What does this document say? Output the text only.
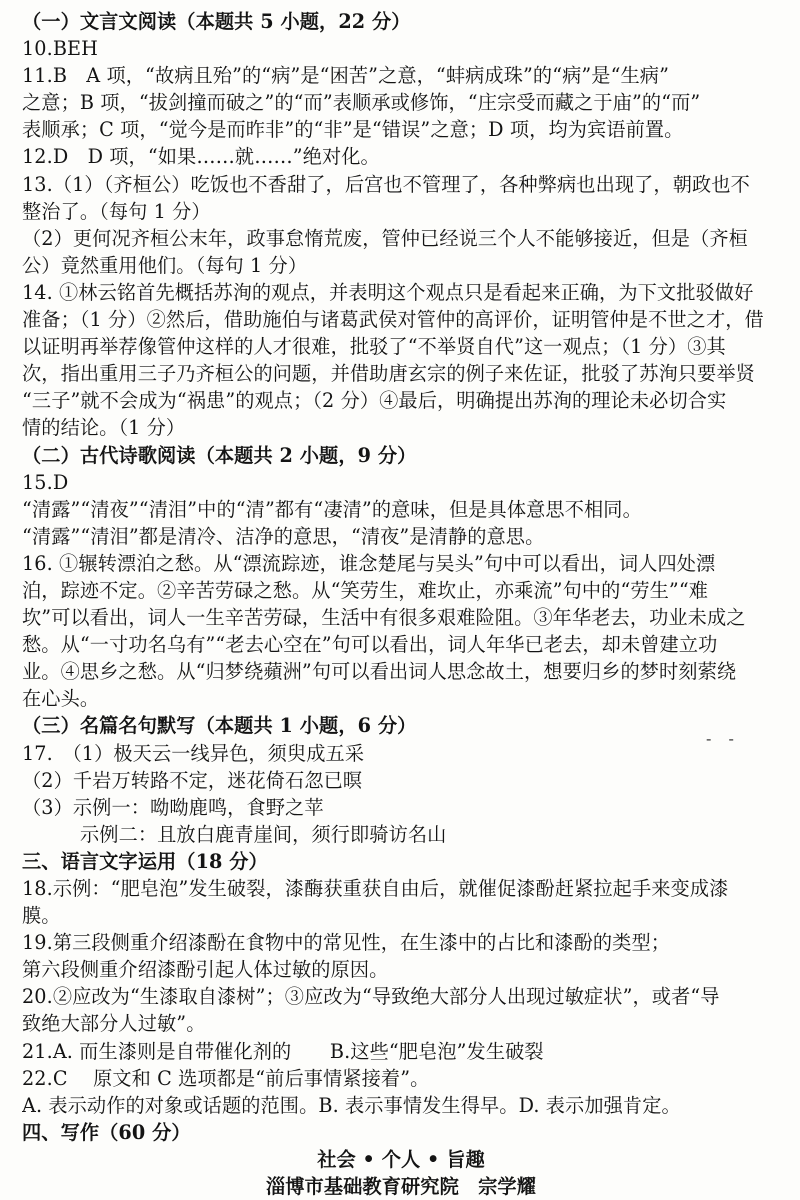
（一）文言文阅读（本题共 5 小题，22 分）
10.BEH
11.B　A 项，“故病且殆”的“病”是“困苦”之意，“蚌病成珠”的“病”是“生病”
之意；B 项，“拔剑撞而破之”的“而”表顺承或修饰，“庄宗受而藏之于庙”的“而”
表顺承；C 项，“觉今是而昨非”的“非”是“错误”之意；D 项，均为宾语前置。
12.D　D 项，“如果……就……”绝对化。
13.（1）（齐桓公）吃饭也不香甜了，后宫也不管理了，各种弊病也出现了，朝政也不
整治了。（每句 1 分）
（2）更何况齐桓公末年，政事怠惰荒废，管仲已经说三个人不能够接近，但是（齐桓
公）竟然重用他们。（每句 1 分）
14. ①林云铭首先概括苏洵的观点，并表明这个观点只是看起来正确，为下文批驳做好
准备；（1 分）②然后，借助施伯与诸葛武侯对管仲的高评价，证明管仲是不世之才，借
以证明再举荐像管仲这样的人才很难，批驳了“不举贤自代”这一观点；（1 分）③其
次，指出重用三子乃齐桓公的问题，并借助唐玄宗的例子来佐证，批驳了苏洵只要举贤
“三子”就不会成为“祸患”的观点；（2 分）④最后，明确提出苏洵的理论未必切合实
情的结论。（1 分）
（二）古代诗歌阅读（本题共 2 小题，9 分）
15.D
“清露”“清夜”“清泪”中的“清”都有“凄清”的意味，但是具体意思不相同。
“清露”“清泪”都是清冷、洁净的意思，“清夜”是清静的意思。
16. ①辗转漂泊之愁。从“漂流踪迹，谁念楚尾与吴头”句中可以看出，词人四处漂
泊，踪迹不定。②辛苦劳碌之愁。从“笑劳生，难坎止，亦乘流”句中的“劳生”“难
坎”可以看出，词人一生辛苦劳碌，生活中有很多艰难险阻。③年华老去，功业未成之
愁。从“一寸功名乌有”“老去心空在”句可以看出，词人年华已老去，却未曾建立功
业。④思乡之愁。从“归梦绕蘋洲”句可以看出词人思念故土，想要归乡的梦时刻萦绕
在心头。
（三）名篇名句默写（本题共 1 小题，6 分）
17.　（1）极天云一线异色，须臾成五采
（2）千岩万转路不定，迷花倚石忽已暝
（3）示例一：呦呦鹿鸣，食野之苹
示例二：且放白鹿青崖间，须行即骑访名山
三、语言文字运用（18 分）
18.示例：“肥皂泡”发生破裂，漆酶获重获自由后，就催促漆酚赶紧拉起手来变成漆
膜。
19.第三段侧重介绍漆酚在食物中的常见性，在生漆中的占比和漆酚的类型；
第六段侧重介绍漆酚引起人体过敏的原因。
20.②应改为“生漆取自漆树”；③应改为“导致绝大部分人出现过敏症状”，或者“导
致绝大部分人过敏”。
21.A. 而生漆则是自带催化剂的　　B.这些“肥皂泡”发生破裂
22.C　 原文和 C 选项都是“前后事情紧接着”。
A. 表示动作的对象或话题的范围。B. 表示事情发生得早。D. 表示加强肯定。
四、写作（60 分）
社会 • 个人 • 旨趣
淄博市基础教育研究院　宗学耀
- -
